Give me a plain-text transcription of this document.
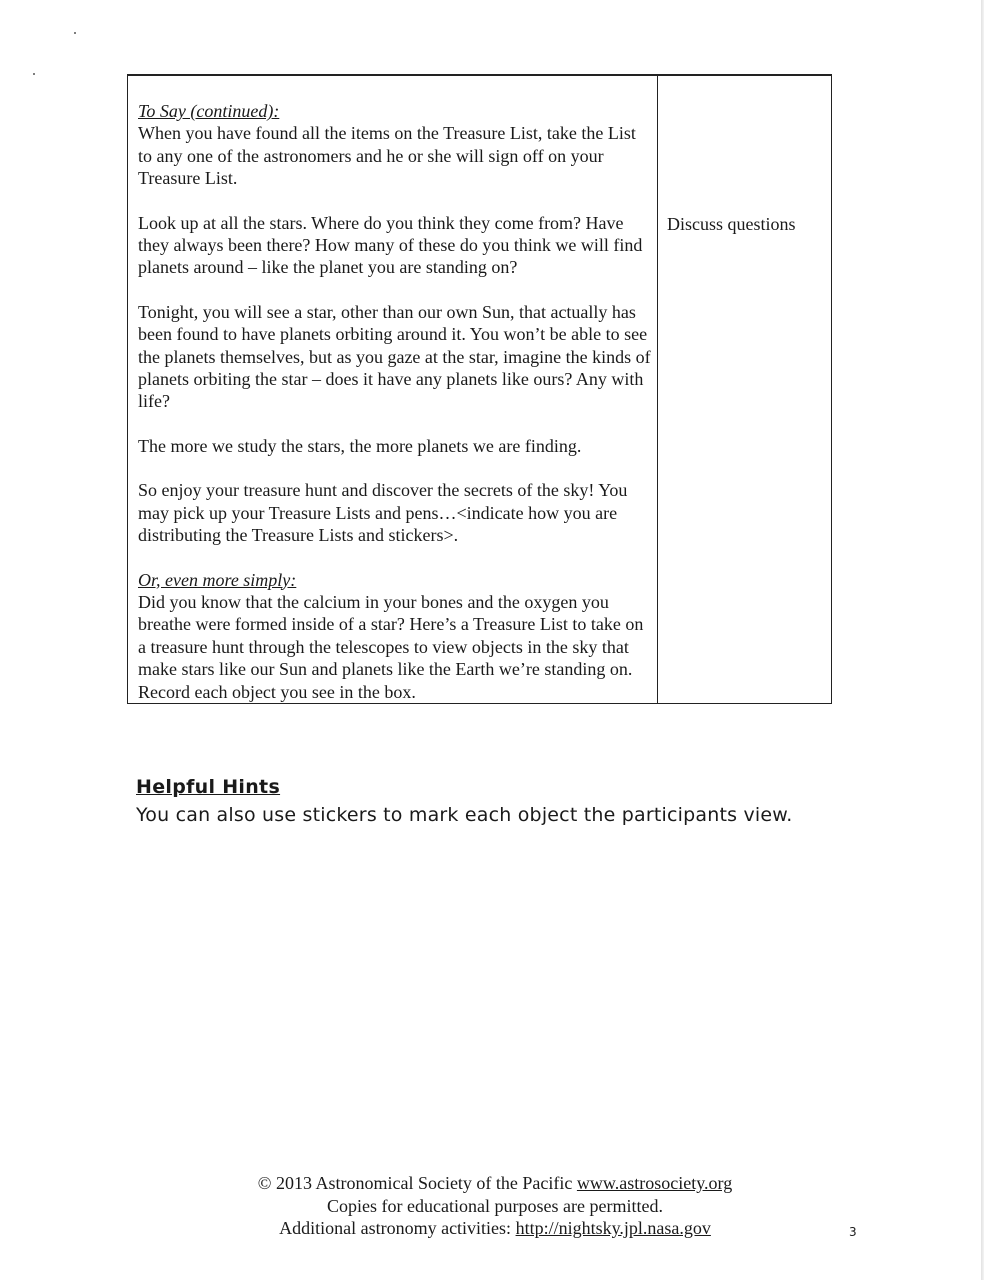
To Say (continued):

When you have found all the items on the Treasure List, take the List to any one of the astronomers and he or she will sign off on your Treasure List.

Look up at all the stars. Where do you think they come from? Have they always been there? How many of these do you think we will find planets around – like the planet you are standing on?

Tonight, you will see a star, other than our own Sun, that actually has been found to have planets orbiting around it. You won’t be able to see the planets themselves, but as you gaze at the star, imagine the kinds of planets orbiting the star – does it have any planets like ours? Any with life?

The more we study the stars, the more planets we are finding.

So enjoy your treasure hunt and discover the secrets of the sky! You may pick up your Treasure Lists and pens…<indicate how you are distributing the Treasure Lists and stickers>.

Or, even more simply:

Did you know that the calcium in your bones and the oxygen you breathe were formed inside of a star? Here’s a Treasure List to take on a treasure hunt through the telescopes to view objects in the sky that make stars like our Sun and planets like the Earth we’re standing on. Record each object you see in the box.

Discuss questions
Helpful Hints
You can also use stickers to mark each object the participants view.
© 2013 Astronomical Society of the Pacific www.astrosociety.org
Copies for educational purposes are permitted.
Additional astronomy activities: http://nightsky.jpl.nasa.gov	3
